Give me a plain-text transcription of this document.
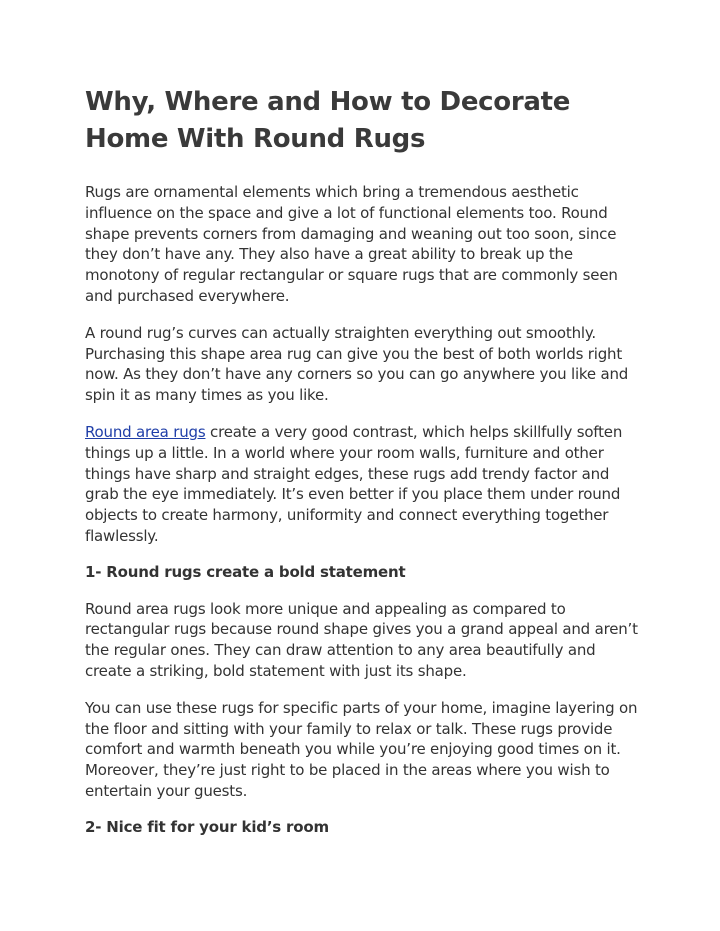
Why, Where and How to Decorate Home With Round Rugs

Rugs are ornamental elements which bring a tremendous aesthetic influence on the space and give a lot of functional elements too. Round shape prevents corners from damaging and weaning out too soon, since they don’t have any. They also have a great ability to break up the monotony of regular rectangular or square rugs that are commonly seen and purchased everywhere.

A round rug’s curves can actually straighten everything out smoothly. Purchasing this shape area rug can give you the best of both worlds right now. As they don’t have any corners so you can go anywhere you like and spin it as many times as you like.

Round area rugs create a very good contrast, which helps skillfully soften things up a little. In a world where your room walls, furniture and other things have sharp and straight edges, these rugs add trendy factor and grab the eye immediately. It’s even better if you place them under round objects to create harmony, uniformity and connect everything together flawlessly.

1- Round rugs create a bold statement

Round area rugs look more unique and appealing as compared to rectangular rugs because round shape gives you a grand appeal and aren’t the regular ones. They can draw attention to any area beautifully and create a striking, bold statement with just its shape.

You can use these rugs for specific parts of your home, imagine layering on the floor and sitting with your family to relax or talk. These rugs provide comfort and warmth beneath you while you’re enjoying good times on it. Moreover, they’re just right to be placed in the areas where you wish to entertain your guests.

2- Nice fit for your kid’s room
